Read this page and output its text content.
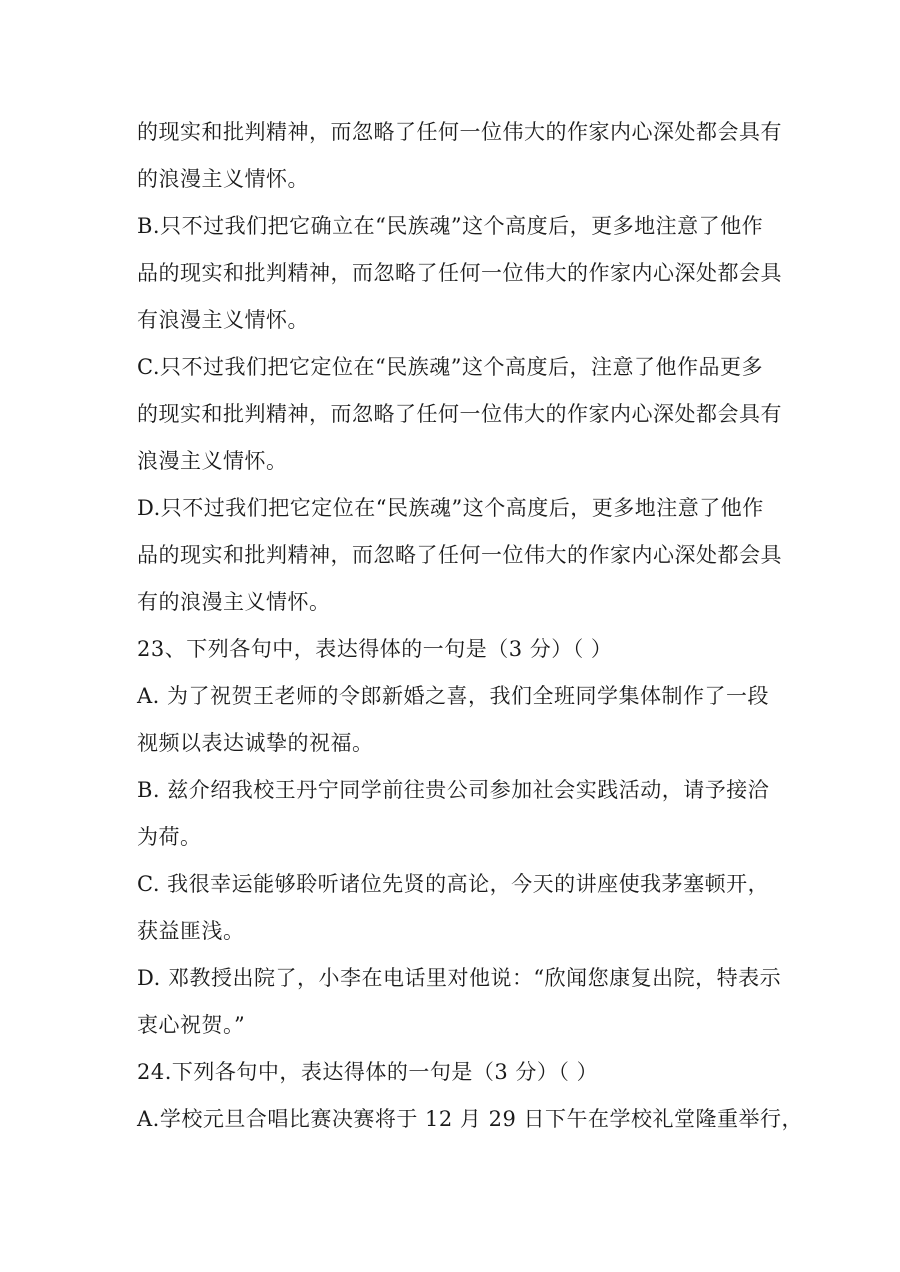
的现实和批判精神，而忽略了任何一位伟大的作家内心深处都会具有
的浪漫主义情怀。
B.只不过我们把它确立在“民族魂”这个高度后，更多地注意了他作
品的现实和批判精神，而忽略了任何一位伟大的作家内心深处都会具
有浪漫主义情怀。
C.只不过我们把它定位在“民族魂”这个高度后，注意了他作品更多
的现实和批判精神，而忽略了任何一位伟大的作家内心深处都会具有
浪漫主义情怀。
D.只不过我们把它定位在“民族魂”这个高度后，更多地注意了他作
品的现实和批判精神，而忽略了任何一位伟大的作家内心深处都会具
有的浪漫主义情怀。
23、下列各句中，表达得体的一句是（3 分）（ ）
A. 为了祝贺王老师的令郎新婚之喜，我们全班同学集体制作了一段
视频以表达诚挚的祝福。
B. 兹介绍我校王丹宁同学前往贵公司参加社会实践活动，请予接洽
为荷。
C. 我很幸运能够聆听诸位先贤的高论，今天的讲座使我茅塞顿开，
获益匪浅。
D. 邓教授出院了，小李在电话里对他说：“欣闻您康复出院，特表示
衷心祝贺。”
24.下列各句中，表达得体的一句是（3 分）（ ）
A.学校元旦合唱比赛决赛将于 12 月 29 日下午在学校礼堂隆重举行，
